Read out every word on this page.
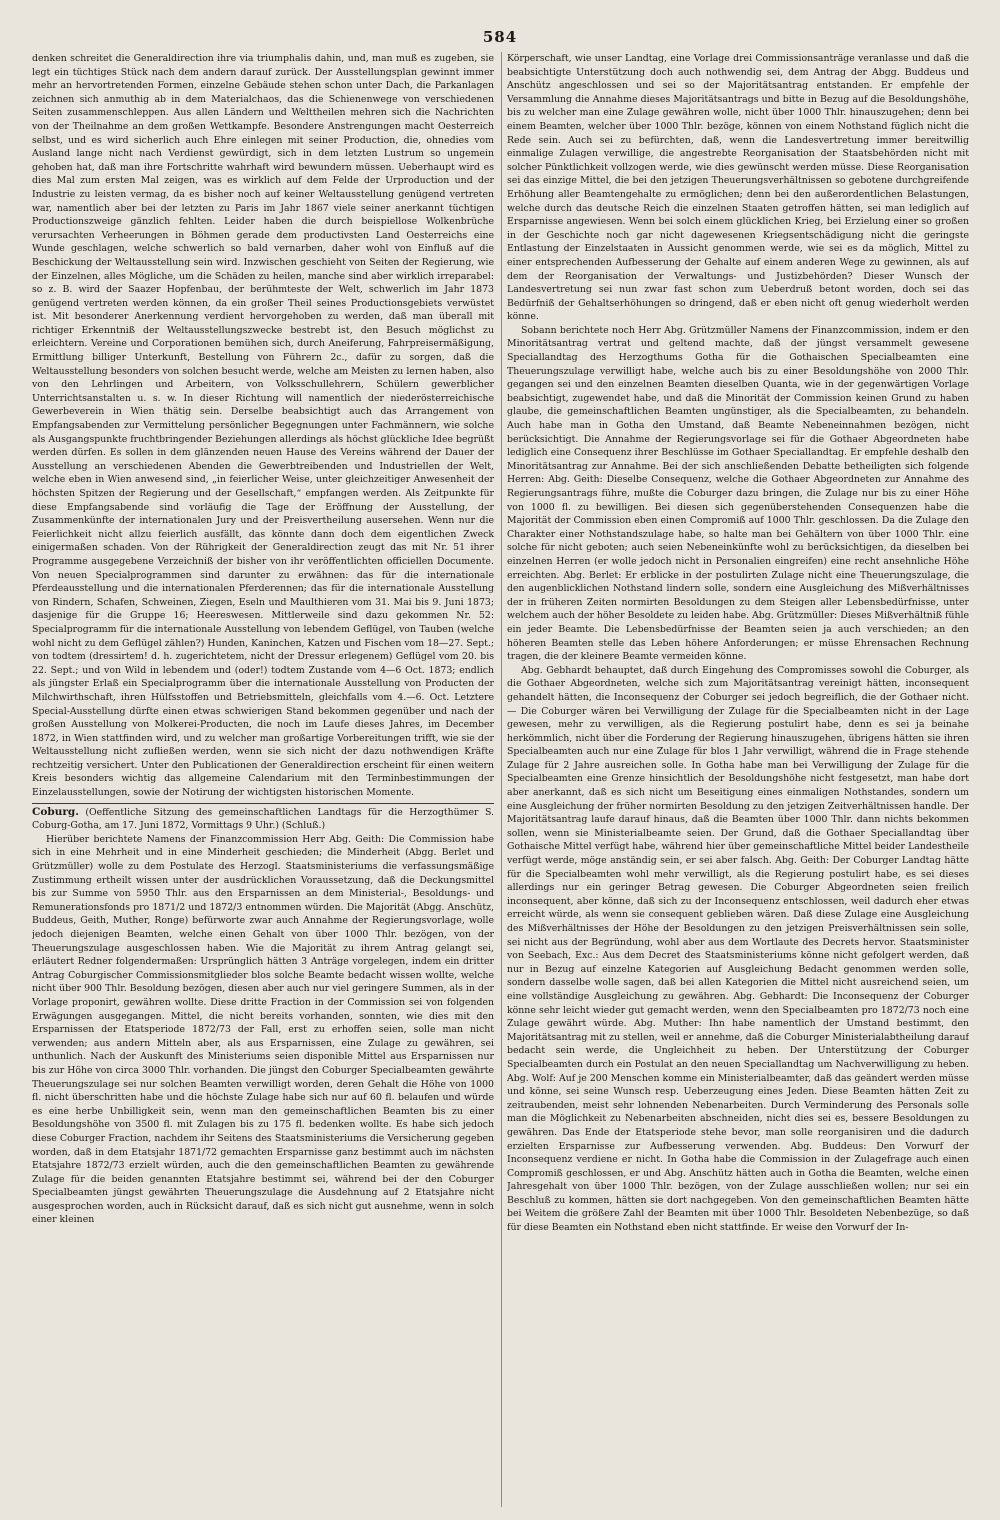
584

denken schreitet die Generaldirection ihre via triumphalis dahin, und, man muß es zugeben, sie legt ein tüchtiges Stück nach dem andern darauf zurück. Der Ausstellungsplan gewinnt immer mehr an hervortretenden Formen, einzelne Gebäude stehen schon unter Dach, die Parkanlagen zeichnen sich anmuthig ab in dem Materialchaos, das die Schienenwege von verschiedenen Seiten zusammenschleppen. Aus allen Ländern und Welttheilen mehren sich die Nachrichten von der Theilnahme an dem großen Wettkampfe. Besondere Anstrengungen macht Oesterreich selbst, und es wird sicherlich auch Ehre einlegen mit seiner Production, die, ohnedies vom Ausland lange nicht nach Verdienst gewürdigt, sich in dem letzten Lustrum so ungemein gehoben hat, daß man ihre Fortschritte wahrhaft wird bewundern müssen. Ueberhaupt wird es dies Mal zum ersten Mal zeigen, was es wirklich auf dem Felde der Urproduction und der Industrie zu leisten vermag, da es bisher noch auf keiner Weltausstellung genügend vertreten war, namentlich aber bei der letzten zu Paris im Jahr 1867 viele seiner anerkannt tüchtigen Productionszweige gänzlich fehlten. Leider haben die durch beispiellose Wolkenbrüche verursachten Verheerungen in Böhmen gerade dem productivsten Land Oesterreichs eine Wunde geschlagen, welche schwerlich so bald vernarben, daher wohl von Einfluß auf die Beschickung der Weltausstellung sein wird. Inzwischen geschieht von Seiten der Regierung, wie der Einzelnen, alles Mögliche, um die Schäden zu heilen, manche sind aber wirklich irreparabel: so z. B. wird der Saazer Hopfenbau, der berühmteste der Welt, schwerlich im Jahr 1873 genügend vertreten werden können, da ein großer Theil seines Productionsgebiets verwüstet ist. Mit besonderer Anerkennung verdient hervorgehoben zu werden, daß man überall mit richtiger Erkenntniß der Weltausstellungszwecke bestrebt ist, den Besuch möglichst zu erleichtern. Vereine und Corporationen bemühen sich, durch Aneiferung, Fahrpreisermäßigung, Ermittlung billiger Unterkunft, Bestellung von Führern 2c., dafür zu sorgen, daß die Weltausstellung besonders von solchen besucht werde, welche am Meisten zu lernen haben, also von den Lehrlingen und Arbeitern, von Volksschullehrern, Schülern gewerblicher Unterrichtsanstalten u. s. w. In dieser Richtung will namentlich der niederösterreichische Gewerbeverein in Wien thätig sein. Derselbe beabsichtigt auch das Arrangement von Empfangsabenden zur Vermittelung persönlicher Begegnungen unter Fachmännern, wie solche als Ausgangspunkte fruchtbringender Beziehungen allerdings als höchst glückliche Idee begrüßt werden dürfen. Es sollen in dem glänzenden neuen Hause des Vereins während der Dauer der Ausstellung an verschiedenen Abenden die Gewerbtreibenden und Industriellen der Welt, welche eben in Wien anwesend sind, „in feierlicher Weise, unter gleichzeitiger Anwesenheit der höchsten Spitzen der Regierung und der Gesellschaft,“ empfangen werden. Als Zeitpunkte für diese Empfangsabende sind vorläufig die Tage der Eröffnung der Ausstellung, der Zusammenkünfte der internationalen Jury und der Preisvertheilung ausersehen. Wenn nur die Feierlichkeit nicht allzu feierlich ausfällt, das könnte dann doch dem eigentlichen Zweck einigermaßen schaden. Von der Rührigkeit der Generaldirection zeugt das mit Nr. 51 ihrer Programme ausgegebene Verzeichniß der bisher von ihr veröffentlichten officiellen Documente. Von neuen Specialprogrammen sind darunter zu erwähnen: das für die internationale Pferdeausstellung und die internationalen Pferderennen; das für die internationale Ausstellung von Rindern, Schafen, Schweinen, Ziegen, Eseln und Maulthieren vom 31. Mai bis 9. Juni 1873; dasjenige für die Gruppe 16; Heereswesen. Mittlerweile sind dazu gekommen Nr. 52: Specialprogramm für die internationale Ausstellung von lebendem Geflügel, von Tauben (welche wohl nicht zu dem Geflügel zählen?) Hunden, Kaninchen, Katzen und Fischen vom 18—27. Sept.; von todtem (dressirtem! d. h. zugerichtetem, nicht der Dressur erlegenem) Geflügel vom 20. bis 22. Sept.; und von Wild in lebendem und (oder!) todtem Zustande vom 4—6 Oct. 1873; endlich als jüngster Erlaß ein Specialprogramm über die internationale Ausstellung von Producten der Milchwirthschaft, ihren Hülfsstoffen und Betriebsmitteln, gleichfalls vom 4.—6. Oct. Letztere Special-Ausstellung dürfte einen etwas schwierigen Stand bekommen gegenüber und nach der großen Ausstellung von Molkerei-Producten, die noch im Laufe dieses Jahres, im December 1872, in Wien stattfinden wird, und zu welcher man großartige Vorbereitungen trifft, wie sie der Weltausstellung nicht zufließen werden, wenn sie sich nicht der dazu nothwendigen Kräfte rechtzeitig versichert. Unter den Publicationen der Generaldirection erscheint für einen weitern Kreis besonders wichtig das allgemeine Calendarium mit den Terminbestimmungen der Einzelausstellungen, sowie der Notirung der wichtigsten historischen Momente.

Coburg. (Oeffentliche Sitzung des gemeinschaftlichen Landtags für die Herzogthümer S. Coburg-Gotha, am 17. Juni 1872, Vormittags 9 Uhr.) (Schluß.)

Hierüber berichtete Namens der Finanzcommission Herr Abg. Geith: Die Commission habe sich in eine Mehrheit und in eine Minderheit geschieden; die Minderheit (Abgg. Berlet und Grützmüller) wolle zu dem Postulate des Herzogl. Staatsministeriums die verfassungsmäßige Zustimmung ertheilt wissen unter der ausdrücklichen Voraussetzung, daß die Deckungsmittel bis zur Summe von 5950 Thlr. aus den Ersparnissen an dem Ministerial-, Besoldungs- und Remunerationsfonds pro 1871/2 und 1872/3 entnommen würden. Die Majorität (Abgg. Anschütz, Buddeus, Geith, Muther, Ronge) befürworte zwar auch Annahme der Regierungsvorlage, wolle jedoch diejenigen Beamten, welche einen Gehalt von über 1000 Thlr. bezögen, von der Theuerungszulage ausgeschlossen haben. Wie die Majorität zu ihrem Antrag gelangt sei, erläutert Redner folgendermaßen: Ursprünglich hätten 3 Anträge vorgelegen, indem ein dritter Antrag Coburgischer Commissionsmitglieder blos solche Beamte bedacht wissen wollte, welche nicht über 900 Thlr. Besoldung bezögen, diesen aber auch nur viel geringere Summen, als in der Vorlage proponirt, gewähren wollte. Diese dritte Fraction in der Commission sei von folgenden Erwägungen ausgegangen. Mittel, die nicht bereits vorhanden, sonnten, wie dies mit den Ersparnissen der Etatsperiode 1872/73 der Fall, erst zu erhoffen seien, solle man nicht verwenden; aus andern Mitteln aber, als aus Ersparnissen, eine Zulage zu gewähren, sei unthunlich. Nach der Auskunft des Ministeriums seien disponible Mittel aus Ersparnissen nur bis zur Höhe von circa 3000 Thlr. vorhanden. Die jüngst den Coburger Specialbeamten gewährte Theuerungszulage sei nur solchen Beamten verwilligt worden, deren Gehalt die Höhe von 1000 fl. nicht überschritten habe und die höchste Zulage habe sich nur auf 60 fl. belaufen und würde es eine herbe Unbilligkeit sein, wenn man den gemeinschaftlichen Beamten bis zu einer Besoldungshöhe von 3500 fl. mit Zulagen bis zu 175 fl. bedenken wollte. Es habe sich jedoch diese Coburger Fraction, nachdem ihr Seitens des Staatsministeriums die Versicherung gegeben worden, daß in dem Etatsjahr 1871/72 gemachten Ersparnisse ganz bestimmt auch im nächsten Etatsjahre 1872/73 erzielt würden, auch die den gemeinschaftlichen Beamten zu gewährende Zulage für die beiden genannten Etatsjahre bestimmt sei, während bei der den Coburger Specialbeamten jüngst gewährten Theuerungszulage die Ausdehnung auf 2 Etatsjahre nicht ausgesprochen worden, auch in Rücksicht darauf, daß es sich nicht gut ausnehme, wenn in solch einer kleinen

Körperschaft, wie unser Landtag, eine Vorlage drei Commissionsanträge veranlasse und daß die beabsichtigte Unterstützung doch auch nothwendig sei, dem Antrag der Abgg. Buddeus und Anschütz angeschlossen und sei so der Majoritätsantrag entstanden. Er empfehle der Versammlung die Annahme dieses Majoritätsantrags und bitte in Bezug auf die Besoldungshöhe, bis zu welcher man eine Zulage gewähren wolle, nicht über 1000 Thlr. hinauszugehen; denn bei einem Beamten, welcher über 1000 Thlr. bezöge, können von einem Nothstand füglich nicht die Rede sein. Auch sei zu befürchten, daß, wenn die Landesvertretung immer bereitwillig einmalige Zulagen verwillige, die angestrebte Reorganisation der Staatsbehörden nicht mit solcher Pünktlichkeit vollzogen werde, wie dies gewünscht werden müsse. Diese Reorganisation sei das einzige Mittel, die bei den jetzigen Theuerungsverhältnissen so gebotene durchgreifende Erhöhung aller Beamtengehalte zu ermöglichen; denn bei den außerordentlichen Belastungen, welche durch das deutsche Reich die einzelnen Staaten getroffen hätten, sei man lediglich auf Ersparnisse angewiesen. Wenn bei solch einem glücklichen Krieg, bei Erzielung einer so großen in der Geschichte noch gar nicht dagewesenen Kriegsentschädigung nicht die geringste Entlastung der Einzelstaaten in Aussicht genommen werde, wie sei es da möglich, Mittel zu einer entsprechenden Aufbesserung der Gehalte auf einem anderen Wege zu gewinnen, als auf dem der Reorganisation der Verwaltungs- und Justizbehörden? Dieser Wunsch der Landesvertretung sei nun zwar fast schon zum Ueberdruß betont worden, doch sei das Bedürfniß der Gehaltserhöhungen so dringend, daß er eben nicht oft genug wiederholt werden könne.

Sobann berichtete noch Herr Abg. Grützmüller Namens der Finanzcommission, indem er den Minoritätsantrag vertrat und geltend machte, daß der jüngst versammelt gewesene Speciallandtag des Herzogthums Gotha für die Gothaischen Specialbeamten eine Theuerungszulage verwilligt habe, welche auch bis zu einer Besoldungshöhe von 2000 Thlr. gegangen sei und den einzelnen Beamten dieselben Quanta, wie in der gegenwärtigen Vorlage beabsichtigt, zugewendet habe, und daß die Minorität der Commission keinen Grund zu haben glaube, die gemeinschaftlichen Beamten ungünstiger, als die Specialbeamten, zu behandeln. Auch habe man in Gotha den Umstand, daß Beamte Nebeneinnahmen bezögen, nicht berücksichtigt. Die Annahme der Regierungsvorlage sei für die Gothaer Abgeordneten habe lediglich eine Consequenz ihrer Beschlüsse im Gothaer Speciallandtag. Er empfehle deshalb den Minoritätsantrag zur Annahme. Bei der sich anschließenden Debatte betheiligten sich folgende Herren: Abg. Geith: Dieselbe Consequenz, welche die Gothaer Abgeordneten zur Annahme des Regierungsantrags führe, mußte die Coburger dazu bringen, die Zulage nur bis zu einer Höhe von 1000 fl. zu bewilligen. Bei diesen sich gegenüberstehenden Consequenzen habe die Majorität der Commission eben einen Compromiß auf 1000 Thlr. geschlossen. Da die Zulage den Charakter einer Nothstandszulage habe, so halte man bei Gehältern von über 1000 Thlr. eine solche für nicht geboten; auch seien Nebeneinkünfte wohl zu berücksichtigen, da dieselben bei einzelnen Herren (er wolle jedoch nicht in Personalien eingreifen) eine recht ansehnliche Höhe erreichten. Abg. Berlet: Er erblicke in der postulirten Zulage nicht eine Theuerungszulage, die den augenblicklichen Nothstand lindern solle, sondern eine Ausgleichung des Mißverhältnisses der in früheren Zeiten normirten Besoldungen zu dem Steigen aller Lebensbedürfnisse, unter welchem auch der höher Besoldete zu leiden habe. Abg. Grützmüller: Dieses Mißverhältniß fühle ein jeder Beamte. Die Lebensbedürfnisse der Beamten seien ja auch verschieden; an den höheren Beamten stelle das Leben höhere Anforderungen; er müsse Ehrensachen Rechnung tragen, die der kleinere Beamte vermeiden könne.

Abg. Gebhardt behauptet, daß durch Eingehung des Compromisses sowohl die Coburger, als die Gothaer Abgeordneten, welche sich zum Majoritätsantrag vereinigt hätten, inconsequent gehandelt hätten, die Inconsequenz der Coburger sei jedoch begreiflich, die der Gothaer nicht. — Die Coburger wären bei Verwilligung der Zulage für die Specialbeamten nicht in der Lage gewesen, mehr zu verwilligen, als die Regierung postulirt habe, denn es sei ja beinahe herkömmlich, nicht über die Forderung der Regierung hinauszugehen, übrigens hätten sie ihren Specialbeamten auch nur eine Zulage für blos 1 Jahr verwilligt, während die in Frage stehende Zulage für 2 Jahre ausreichen solle. In Gotha habe man bei Verwilligung der Zulage für die Specialbeamten eine Grenze hinsichtlich der Besoldungshöhe nicht festgesetzt, man habe dort aber anerkannt, daß es sich nicht um Beseitigung eines einmaligen Nothstandes, sondern um eine Ausgleichung der früher normirten Besoldung zu den jetzigen Zeitverhältnissen handle. Der Majoritätsantrag laufe darauf hinaus, daß die Beamten über 1000 Thlr. dann nichts bekommen sollen, wenn sie Ministerialbeamte seien. Der Grund, daß die Gothaer Speciallandtag über Gothaische Mittel verfügt habe, während hier über gemeinschaftliche Mittel beider Landestheile verfügt werde, möge anständig sein, er sei aber falsch. Abg. Geith: Der Coburger Landtag hätte für die Specialbeamten wohl mehr verwilligt, als die Regierung postulirt habe, es sei dieses allerdings nur ein geringer Betrag gewesen. Die Coburger Abgeordneten seien freilich inconsequent, aber könne, daß sich zu der Inconsequenz entschlossen, weil dadurch eher etwas erreicht würde, als wenn sie consequent geblieben wären. Daß diese Zulage eine Ausgleichung des Mißverhältnisses der Höhe der Besoldungen zu den jetzigen Preisverhältnissen sein solle, sei nicht aus der Begründung, wohl aber aus dem Wortlaute des Decrets hervor. Staatsminister von Seebach, Exc.: Aus dem Decret des Staatsministeriums könne nicht gefolgert werden, daß nur in Bezug auf einzelne Kategorien auf Ausgleichung Bedacht genommen werden solle, sondern dasselbe wolle sagen, daß bei allen Kategorien die Mittel nicht ausreichend seien, um eine vollständige Ausgleichung zu gewähren. Abg. Gebhardt: Die Inconsequenz der Coburger könne sehr leicht wieder gut gemacht werden, wenn den Specialbeamten pro 1872/73 noch eine Zulage gewährt würde. Abg. Muther: Ihn habe namentlich der Umstand bestimmt, den Majoritätsantrag mit zu stellen, weil er annehme, daß die Coburger Ministerialabtheilung darauf bedacht sein werde, die Ungleichheit zu heben. Der Unterstützung der Coburger Specialbeamten durch ein Postulat an den neuen Speciallandtag um Nachverwilligung zu heben. Abg. Wolf: Auf je 200 Menschen komme ein Ministerialbeamter, daß das geändert werden müsse und könne, sei seine Wunsch resp. Ueberzeugung eines Jeden. Diese Beamten hätten Zeit zu zeitraubenden, meist sehr lohnenden Nebenarbeiten. Durch Verminderung des Personals solle man die Möglichkeit zu Nebenarbeiten abschneiden, nicht dies sei es, bessere Besoldungen zu gewähren. Das Ende der Etatsperiode stehe bevor, man solle reorganisiren und die dadurch erzielten Ersparnisse zur Aufbesserung verwenden. Abg. Buddeus: Den Vorwurf der Inconsequenz verdiene er nicht. In Gotha habe die Commission in der Zulagefrage auch einen Compromiß geschlossen, er und Abg. Anschütz hätten auch in Gotha die Beamten, welche einen Jahresgehalt von über 1000 Thlr. bezögen, von der Zulage ausschließen wollen; nur sei ein Beschluß zu kommen, hätten sie dort nachgegeben. Von den gemeinschaftlichen Beamten hätte bei Weitem die größere Zahl der Beamten mit über 1000 Thlr. Besoldeten Nebenbezüge, so daß für diese Beamten ein Nothstand eben nicht stattfinde. Er weise den Vorwurf der In-
